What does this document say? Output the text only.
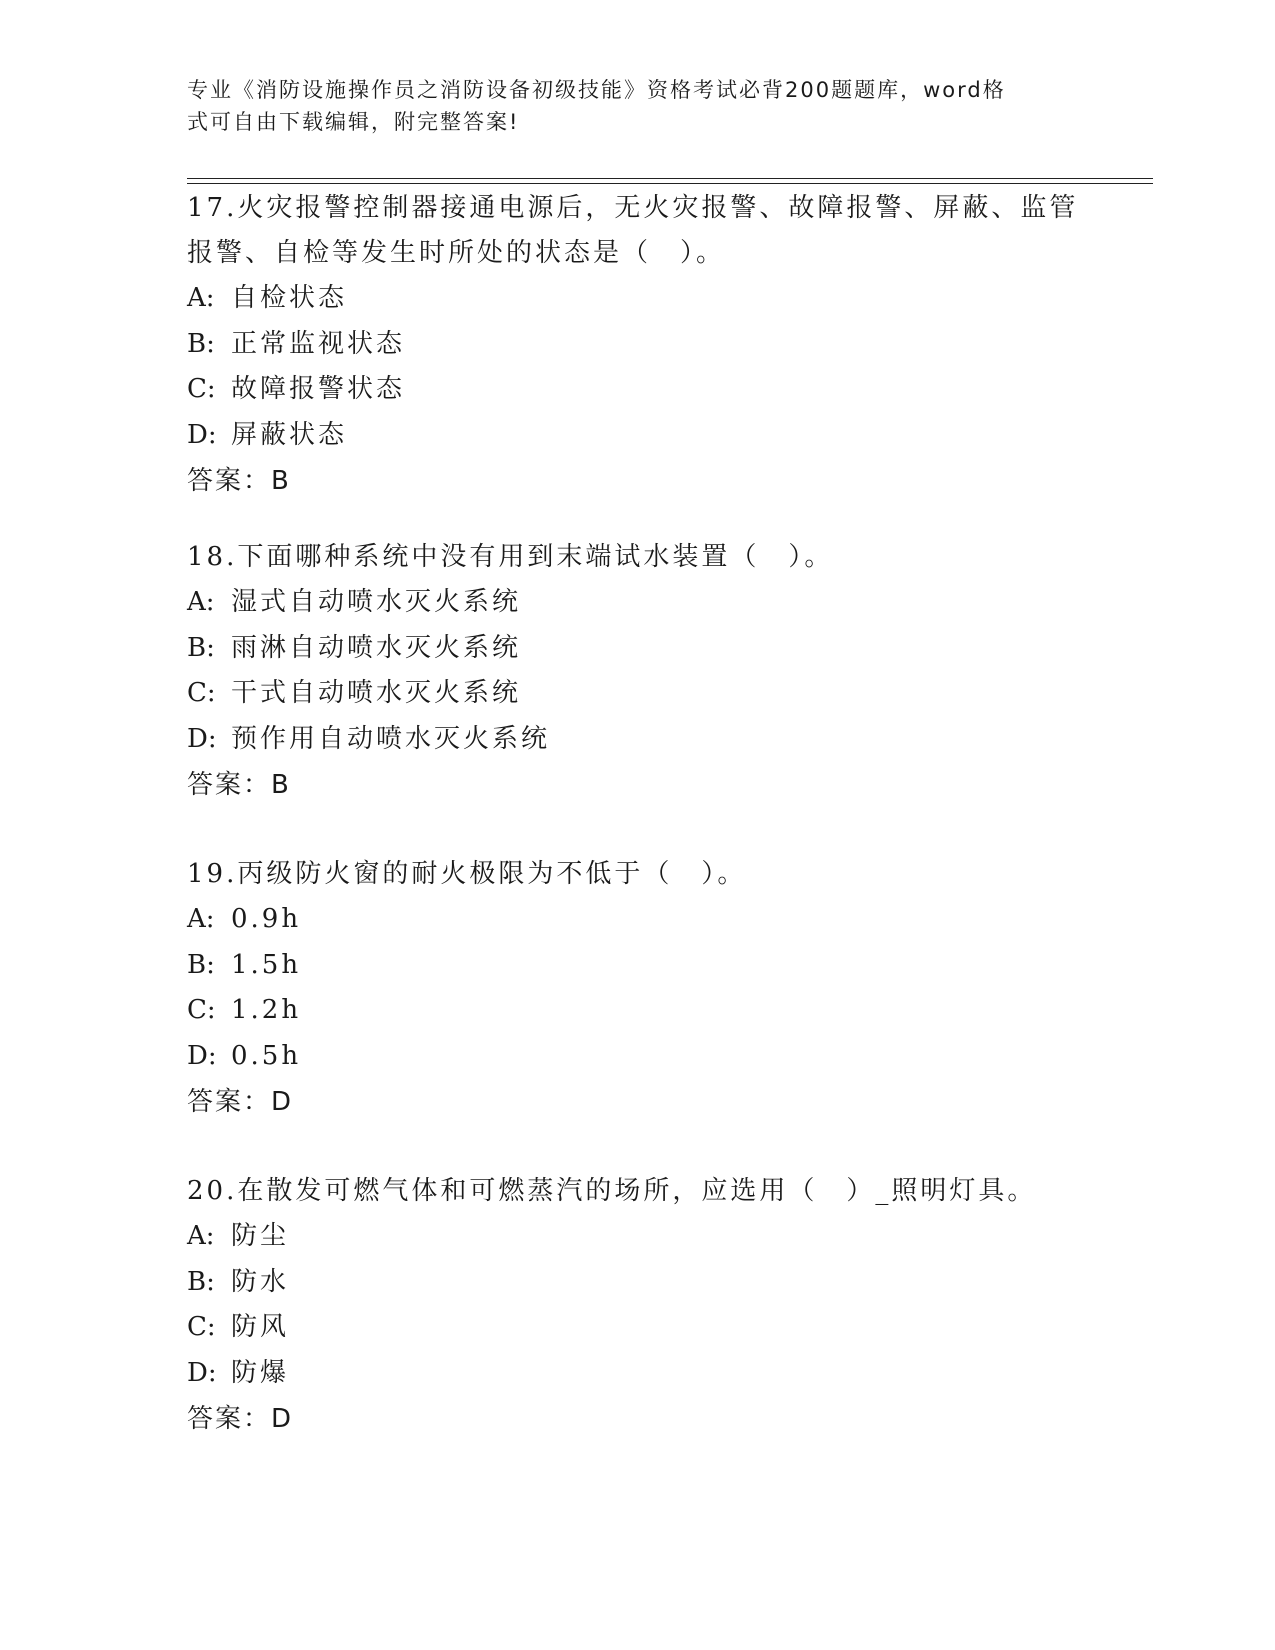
专业《消防设施操作员之消防设备初级技能》资格考试必背200题题库，word格
式可自由下载编辑，附完整答案!
17.火灾报警控制器接通电源后，无火灾报警、故障报警、屏蔽、监管
报警、自检等发生时所处的状态是（　）。
A: 自检状态
B: 正常监视状态
C: 故障报警状态
D: 屏蔽状态
答案：B
18.下面哪种系统中没有用到末端试水装置（　）。
A: 湿式自动喷水灭火系统
B: 雨淋自动喷水灭火系统
C: 干式自动喷水灭火系统
D: 预作用自动喷水灭火系统
答案：B
19.丙级防火窗的耐火极限为不低于（　）。
A: 0.9h
B: 1.5h
C: 1.2h
D: 0.5h
答案：D
20.在散发可燃气体和可燃蒸汽的场所，应选用（　）_照明灯具。
A: 防尘
B: 防水
C: 防风
D: 防爆
答案：D
